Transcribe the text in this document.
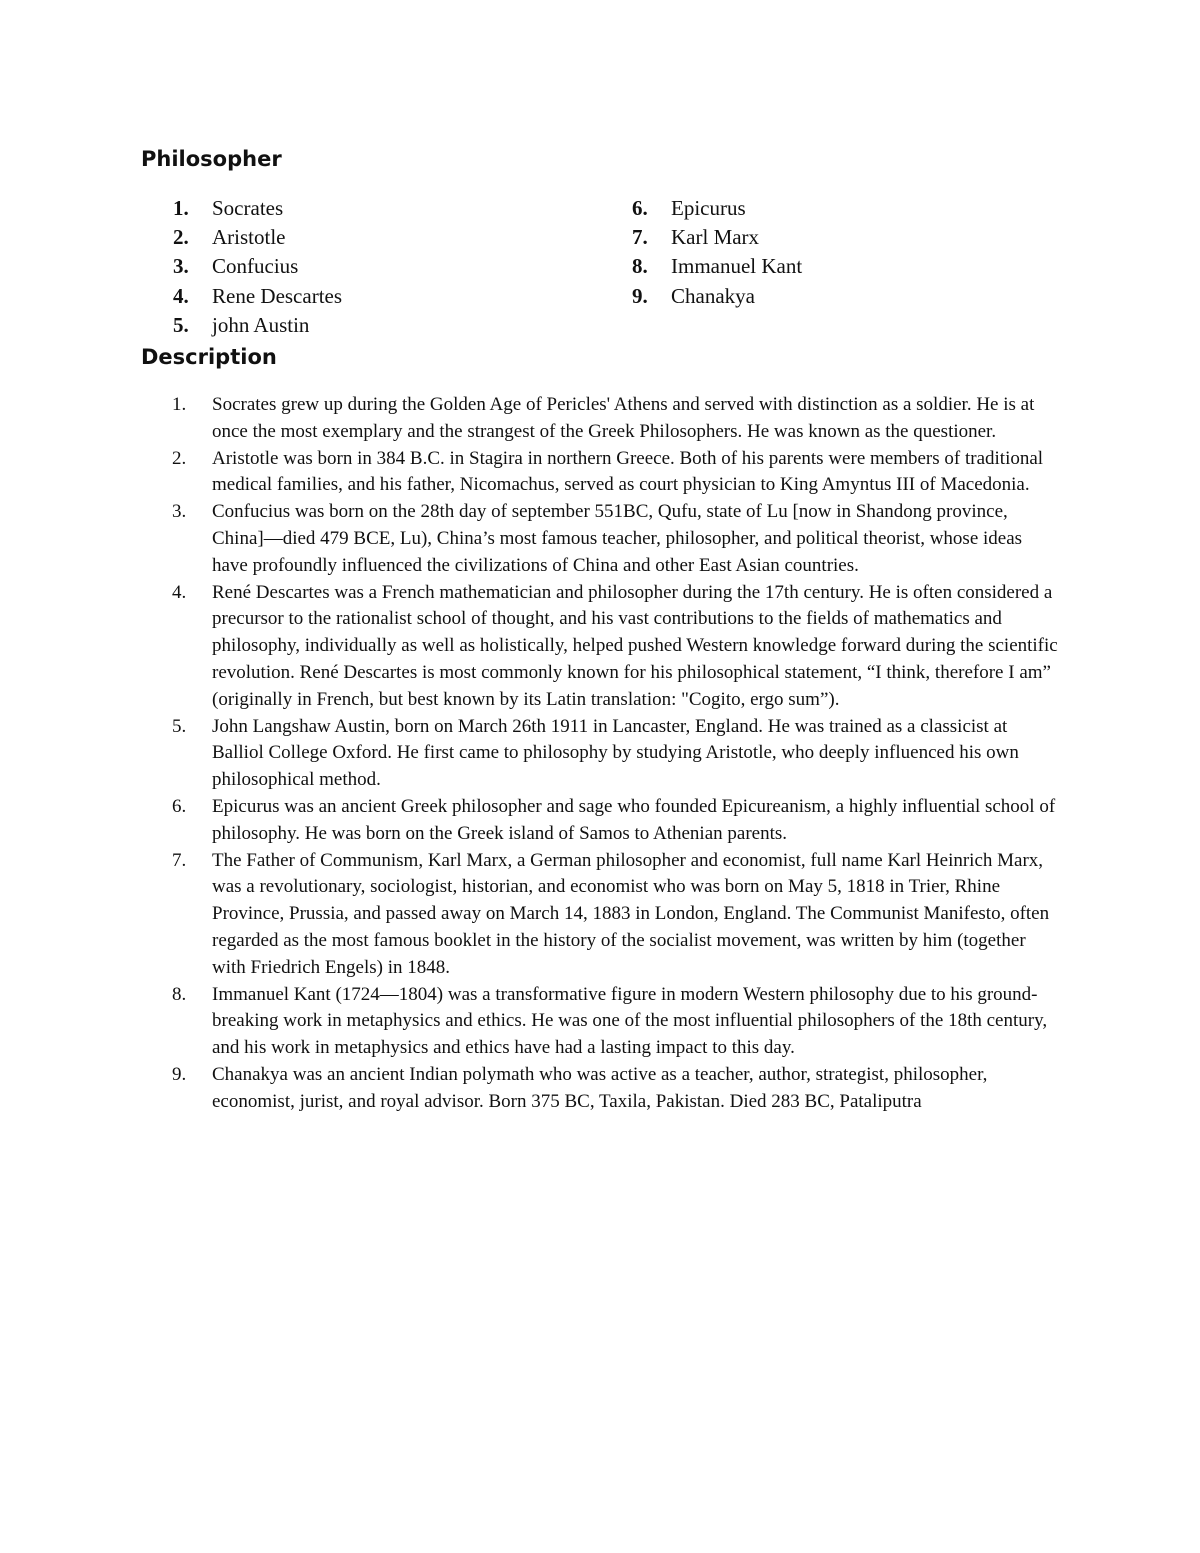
Philosopher
1.	Socrates
2.	Aristotle
3.	Confucius
4.	Rene Descartes
5.	john Austin
6.	Epicurus
7.	Karl Marx
8.	Immanuel Kant
9.	Chanakya
Description
1.	Socrates grew up during the Golden Age of Pericles' Athens and served with distinction as a soldier. He is at once the most exemplary and the strangest of the Greek Philosophers. He was known as the questioner.
2.	Aristotle was born in 384 B.C. in Stagira in northern Greece. Both of his parents were members of traditional medical families, and his father, Nicomachus, served as court physician to King Amyntus III of Macedonia.
3.	Confucius was born on the 28th day of september 551BC, Qufu, state of Lu [now in Shandong province, China]—died 479 BCE, Lu), China’s most famous teacher, philosopher, and political theorist, whose ideas have profoundly influenced the civilizations of China and other East Asian countries.
4.	René Descartes was a French mathematician and philosopher during the 17th century. He is often considered a precursor to the rationalist school of thought, and his vast contributions to the fields of mathematics and philosophy, individually as well as holistically, helped pushed Western knowledge forward during the scientific revolution. René Descartes is most commonly known for his philosophical statement, “I think, therefore I am” (originally in French, but best known by its Latin translation: "Cogito, ergo sum”).
5.	John Langshaw Austin, born on March 26th 1911 in Lancaster, England. He was trained as a classicist at Balliol College Oxford. He first came to philosophy by studying Aristotle, who deeply influenced his own philosophical method.
6.	Epicurus was an ancient Greek philosopher and sage who founded Epicureanism, a highly influential school of philosophy. He was born on the Greek island of Samos to Athenian parents.
7.	The Father of Communism, Karl Marx, a German philosopher and economist, full name Karl Heinrich Marx, was a revolutionary, sociologist, historian, and economist who was born on May 5, 1818 in Trier, Rhine Province, Prussia, and passed away on March 14, 1883 in London, England. The Communist Manifesto, often regarded as the most famous booklet in the history of the socialist movement, was written by him (together with Friedrich Engels) in 1848.
8.	Immanuel Kant (1724—1804) was a transformative figure in modern Western philosophy due to his ground-breaking work in metaphysics and ethics. He was one of the most influential philosophers of the 18th century, and his work in metaphysics and ethics have had a lasting impact to this day.
9.	Chanakya was an ancient Indian polymath who was active as a teacher, author, strategist, philosopher, economist, jurist, and royal advisor. Born 375 BC, Taxila, Pakistan. Died 283 BC, Pataliputra
